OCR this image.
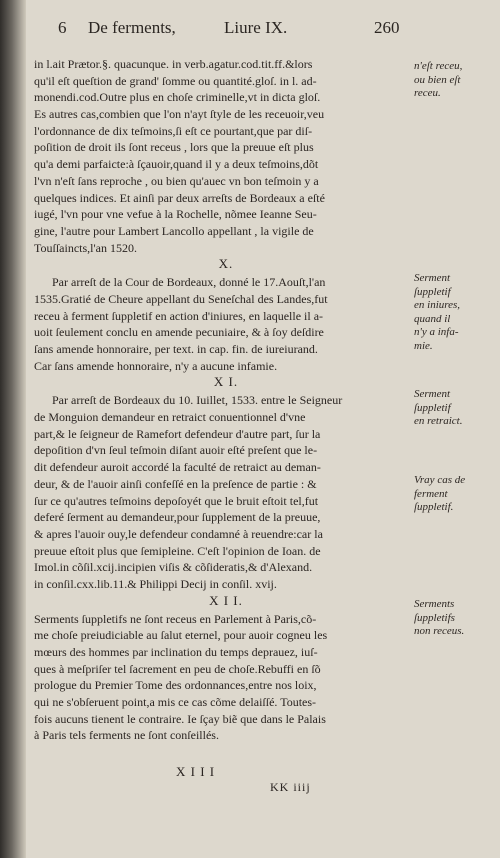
6 De ferments,	Liure IX.	260
in l.ait Prætor.§. quacunque. in verb.agatur.cod.tit.ff.&lors
qu'il eſt queſtion de grand' ſomme ou quantité.gloſ. in l. ad-
monendi.cod.Outre plus en choſe criminelle,vt in dicta gloſ.
Es autres cas,combien que l'on n'ayt ſtyle de les receuoir,veu
l'ordonnance de dix teſmoins,ſi eſt ce pourtant,que par diſ-
poſition de droit ils ſont receus , lors que la preuue eſt plus
qu'a demi parfaicte:à ſçauoir,quand il y a deux teſmoins,dõt
l'vn n'eſt ſans reproche , ou bien qu'auec vn bon teſmoin y a
quelques indices. Et ainſi par deux arreſts de Bordeaux a eſté
iugé, l'vn pour vne vefue à la Rochelle, nõmee Ieanne Seu-
gine, l'autre pour Lambert Lancollo appellant , la vigile de
Touſſaincts,l'an 1520.
X.
Par arreſt de la Cour de Bordeaux, donné le 17.Aouſt,l'an
1535.Gratié de Cheure appellant du Seneſchal des Landes,fut
receu à ferment ſuppletif en action d'iniures, en laquelle il a-
uoit ſeulement conclu en amende pecuniaire, & à ſoy deſdire
ſans amende honnoraire, per text. in cap. fin. de iureiurand.
Car ſans amende honnoraire, n'y a aucune infamie.
X I.
Par arreſt de Bordeaux du 10. Iuillet, 1533. entre le Seigneur
de Monguion demandeur en retraict conuentionnel d'vne
part,& le ſeigneur de Ramefort defendeur d'autre part, ſur la
depoſition d'vn ſeul teſmoin diſant auoir eſté preſent que le-
dit defendeur auroit accordé la faculté de retraict au deman-
deur, & de l'auoir ainſi confeſſé en la preſence de partie : &
ſur ce qu'autres teſmoins depoſoyét que le bruit eſtoit tel,fut
deferé ſerment au demandeur,pour ſupplement de la preuue,
& apres l'auoir ouy,le defendeur condamné à reuendre:car la
preuue eſtoit plus que ſemipleine. C'eſt l'opinion de Ioan. de
Imol.in cõſil.xcij.incipien viſis & cõſideratis,& d'Alexand.
in conſil.cxx.lib.11.& Philippi Decij in conſil. xvij.
X I I.
Serments ſuppletifs ne ſont receus en Parlement à Paris,cõ-
me choſe preiudiciable au ſalut eternel, pour auoir cogneu les
mœurs des hommes par inclination du temps deprauez, iuſ-
ques à meſpriſer tel ſacrement en peu de choſe.Rebuffi en ſõ
prologue du Premier Tome des ordonnances,entre nos loix,
qui ne s'obſeruent point,a mis ce cas cõme delaiſſé. Toutes-
fois aucuns tienent le contraire. Ie ſçay biẽ que dans le Palais
à Paris tels ferments ne ſont conſeillés.
n'eſt receu,
ou bien eſt
receu.
Serment
ſuppletif
en iniures,
quand il
n'y a infa-
mie.
Serment
ſuppletif
en retraict.
Vray cas de
ferment
ſuppletif.
Serments
ſuppletifs
non receus.
X I I I
KK iiij
